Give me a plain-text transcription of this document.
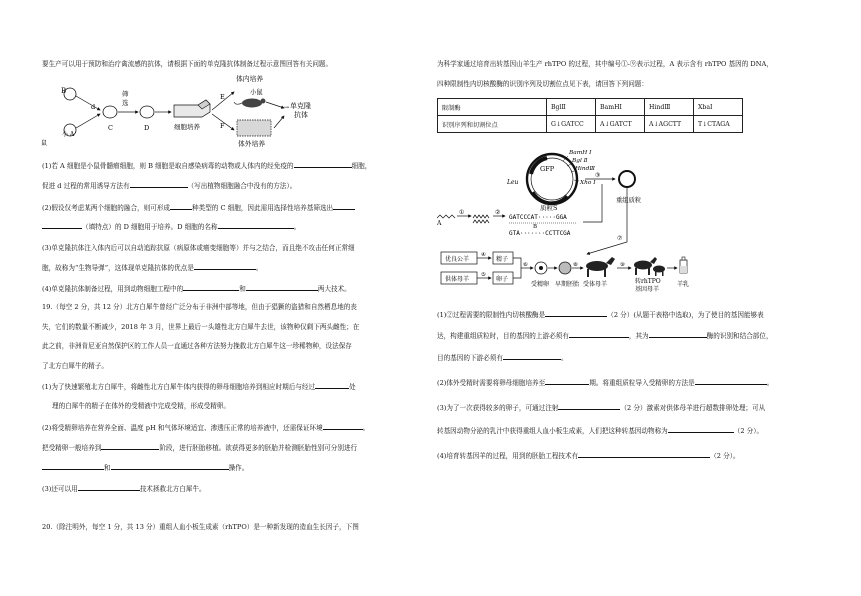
要生产可以用于预防和治疗禽流感的抗体，请根据下面的单克隆抗体制备过程示意图回答有关问题。
B
小 A
鼠
d
C
筛
选
D	细胞培养
E
F
体内培养
小鼠
体外培养
单克隆
抗体
→
(1)若 A 细胞是小鼠骨髓瘤细胞，则 B 细胞是取自感染病毒的动物或人体内的经免疫的	细胞，
促进 d 过程的常用诱导方法有	（写出植物细胞融合中没有的方法）。
(2)假设仅考虑某两个细胞的融合，则可形成	种类型的 C 细胞，因此需用选择性培养基筛选出
（填特点）的 D 细胞用于培养。D 细胞的名称	。
(3)单克隆抗体注入体内后可以自动追踪抗原（病原体或癌变细胞等）并与之结合，而且绝不攻击任何正常细
胞，故称为“生物导弹”，这体现单克隆抗体的优点是	。
(4)单克隆抗体制备过程，用到动物细胞工程中的	和	两大技术。
19.（每空 2 分，共 12 分）北方白犀牛曾经广泛分布于非洲中部等地，但由于猖獗的盗猎和自然栖息地的丧
失，它们的数量不断减少，2018 年 3 月，世界上最后一头雄性北方白犀牛去世，该物种仅剩下两头雌性；在
此之前，非洲肯尼亚自然保护区的工作人员一直通过各种方法努力挽救北方白犀牛这一珍稀物种，设法保存
了北方白犀牛的精子。
(1)为了快速繁殖北方白犀牛，将雌性北方白犀牛体内获得的卵母细胞培养到相应时期后与经过	处
理的白犀牛的精子在体外的受精液中完成受精，形成受精卵。
(2)将受精卵培养在营养全面、温度 pH 和气体环境适宜、渗透压正常的培养液中，还需保证环境	。
把受精卵一般培养到	阶段，进行胚胎移植。欲获得更多的胚胎并检测胚胎性别可分别进行
和	操作。
(3)还可以用	技术拯救北方白犀牛。
20.（除注明外，每空 1 分，共 13 分）重组人血小板生成素（rhTPO）是一种新发现的造血生长因子，下图
为科学家通过培育出转基因山羊生产 rhTPO 的过程，其中编号①-⑨表示过程，A 表示含有 rhTPO 基因的 DNA，
四种限制性内切核酸酶的识别序列及切割位点见下表，请回答下列问题：
限制酶	BglⅡ	BamHI	HindⅢ	XbaI
识别序列和切割位点	G↓GATCC	A↓GATCT	A↓AGCTT	T↓CTAGA
GFP
Leu
质粒S
BamH I
Bgl Ⅱ
HindⅢ
Xho I
③
重组质粒
A
①	②
GATCCCAT·····GGA
B
GTA·······CCTTCGA
⑦
优良公羊
④
精子
供体母羊
⑤
卵子
⑥
受精卵 早期胚胎
⑧
受体母羊
⑨
转rhTPO
基因母羊
羊乳
(1)②过程需要的限制性内切核酸酶是	（2 分）(从题干表格中选取)，为了使目的基因能够表
达，构建重组质粒时，目的基因的上游必须有	，其为	酶的识别和结合部位，
目的基因的下游必须有	。
(2)体外受精时需要将卵母细胞培养至	期。将重组质粒导入受精卵的方法是	。
(3)为了一次获得较多的卵子，可通过注射	（2 分）激素对供体母羊进行超数排卵处理；可从
转基因动物分泌的乳汁中获得重组人血小板生成素，人们把这种转基因动物称为	（2 分）。
(4)培育转基因羊的过程，用到的胚胎工程技术有	（2 分）。
